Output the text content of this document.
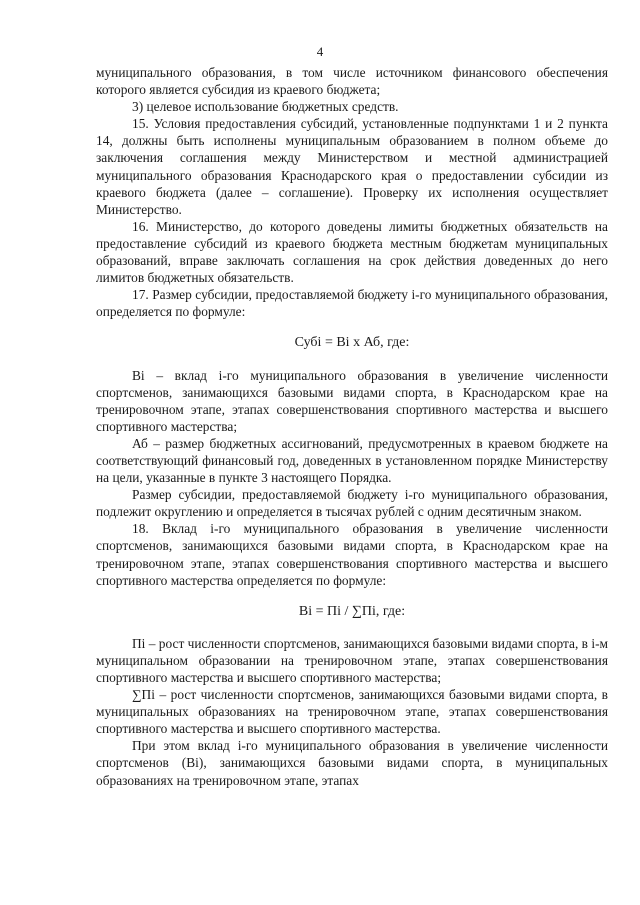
4

муниципального образования, в том числе источником финансового обеспечения которого является субсидия из краевого бюджета;

3) целевое использование бюджетных средств.

15. Условия предоставления субсидий, установленные подпунктами 1 и 2 пункта 14, должны быть исполнены муниципальным образованием в полном объеме до заключения соглашения между Министерством и местной администрацией муниципального образования Краснодарского края о предоставлении субсидии из краевого бюджета (далее – соглашение). Проверку их исполнения осуществляет Министерство.

16. Министерство, до которого доведены лимиты бюджетных обязательств на предоставление субсидий из краевого бюджета местным бюджетам муниципальных образований, вправе заключать соглашения на срок действия доведенных до него лимитов бюджетных обязательств.

17. Размер субсидии, предоставляемой бюджету i-го муниципального образования, определяется по формуле:

Субi = Вi х Аб, где:

Вi – вклад i-го муниципального образования в увеличение численности спортсменов, занимающихся базовыми видами спорта, в Краснодарском крае на тренировочном этапе, этапах совершенствования спортивного мастерства и высшего спортивного мастерства;

Аб – размер бюджетных ассигнований, предусмотренных в краевом бюджете на соответствующий финансовый год, доведенных в установленном порядке Министерству на цели, указанные в пункте 3 настоящего Порядка.

Размер субсидии, предоставляемой бюджету i-го муниципального образования, подлежит округлению и определяется в тысячах рублей с одним десятичным знаком.

18. Вклад i-го муниципального образования в увеличение численности спортсменов, занимающихся базовыми видами спорта, в Краснодарском крае на тренировочном этапе, этапах совершенствования спортивного мастерства и высшего спортивного мастерства определяется по формуле:

Вi = Пi / ∑Пi, где:

Пi – рост численности спортсменов, занимающихся базовыми видами спорта, в i-м муниципальном образовании на тренировочном этапе, этапах совершенствования спортивного мастерства и высшего спортивного мастерства;

∑Пi – рост численности спортсменов, занимающихся базовыми видами спорта, в муниципальных образованиях на тренировочном этапе, этапах совершенствования спортивного мастерства и высшего спортивного мастерства.

При этом вклад i-го муниципального образования в увеличение численности спортсменов (Вi), занимающихся базовыми видами спорта, в муниципальных образованиях на тренировочном этапе, этапах
